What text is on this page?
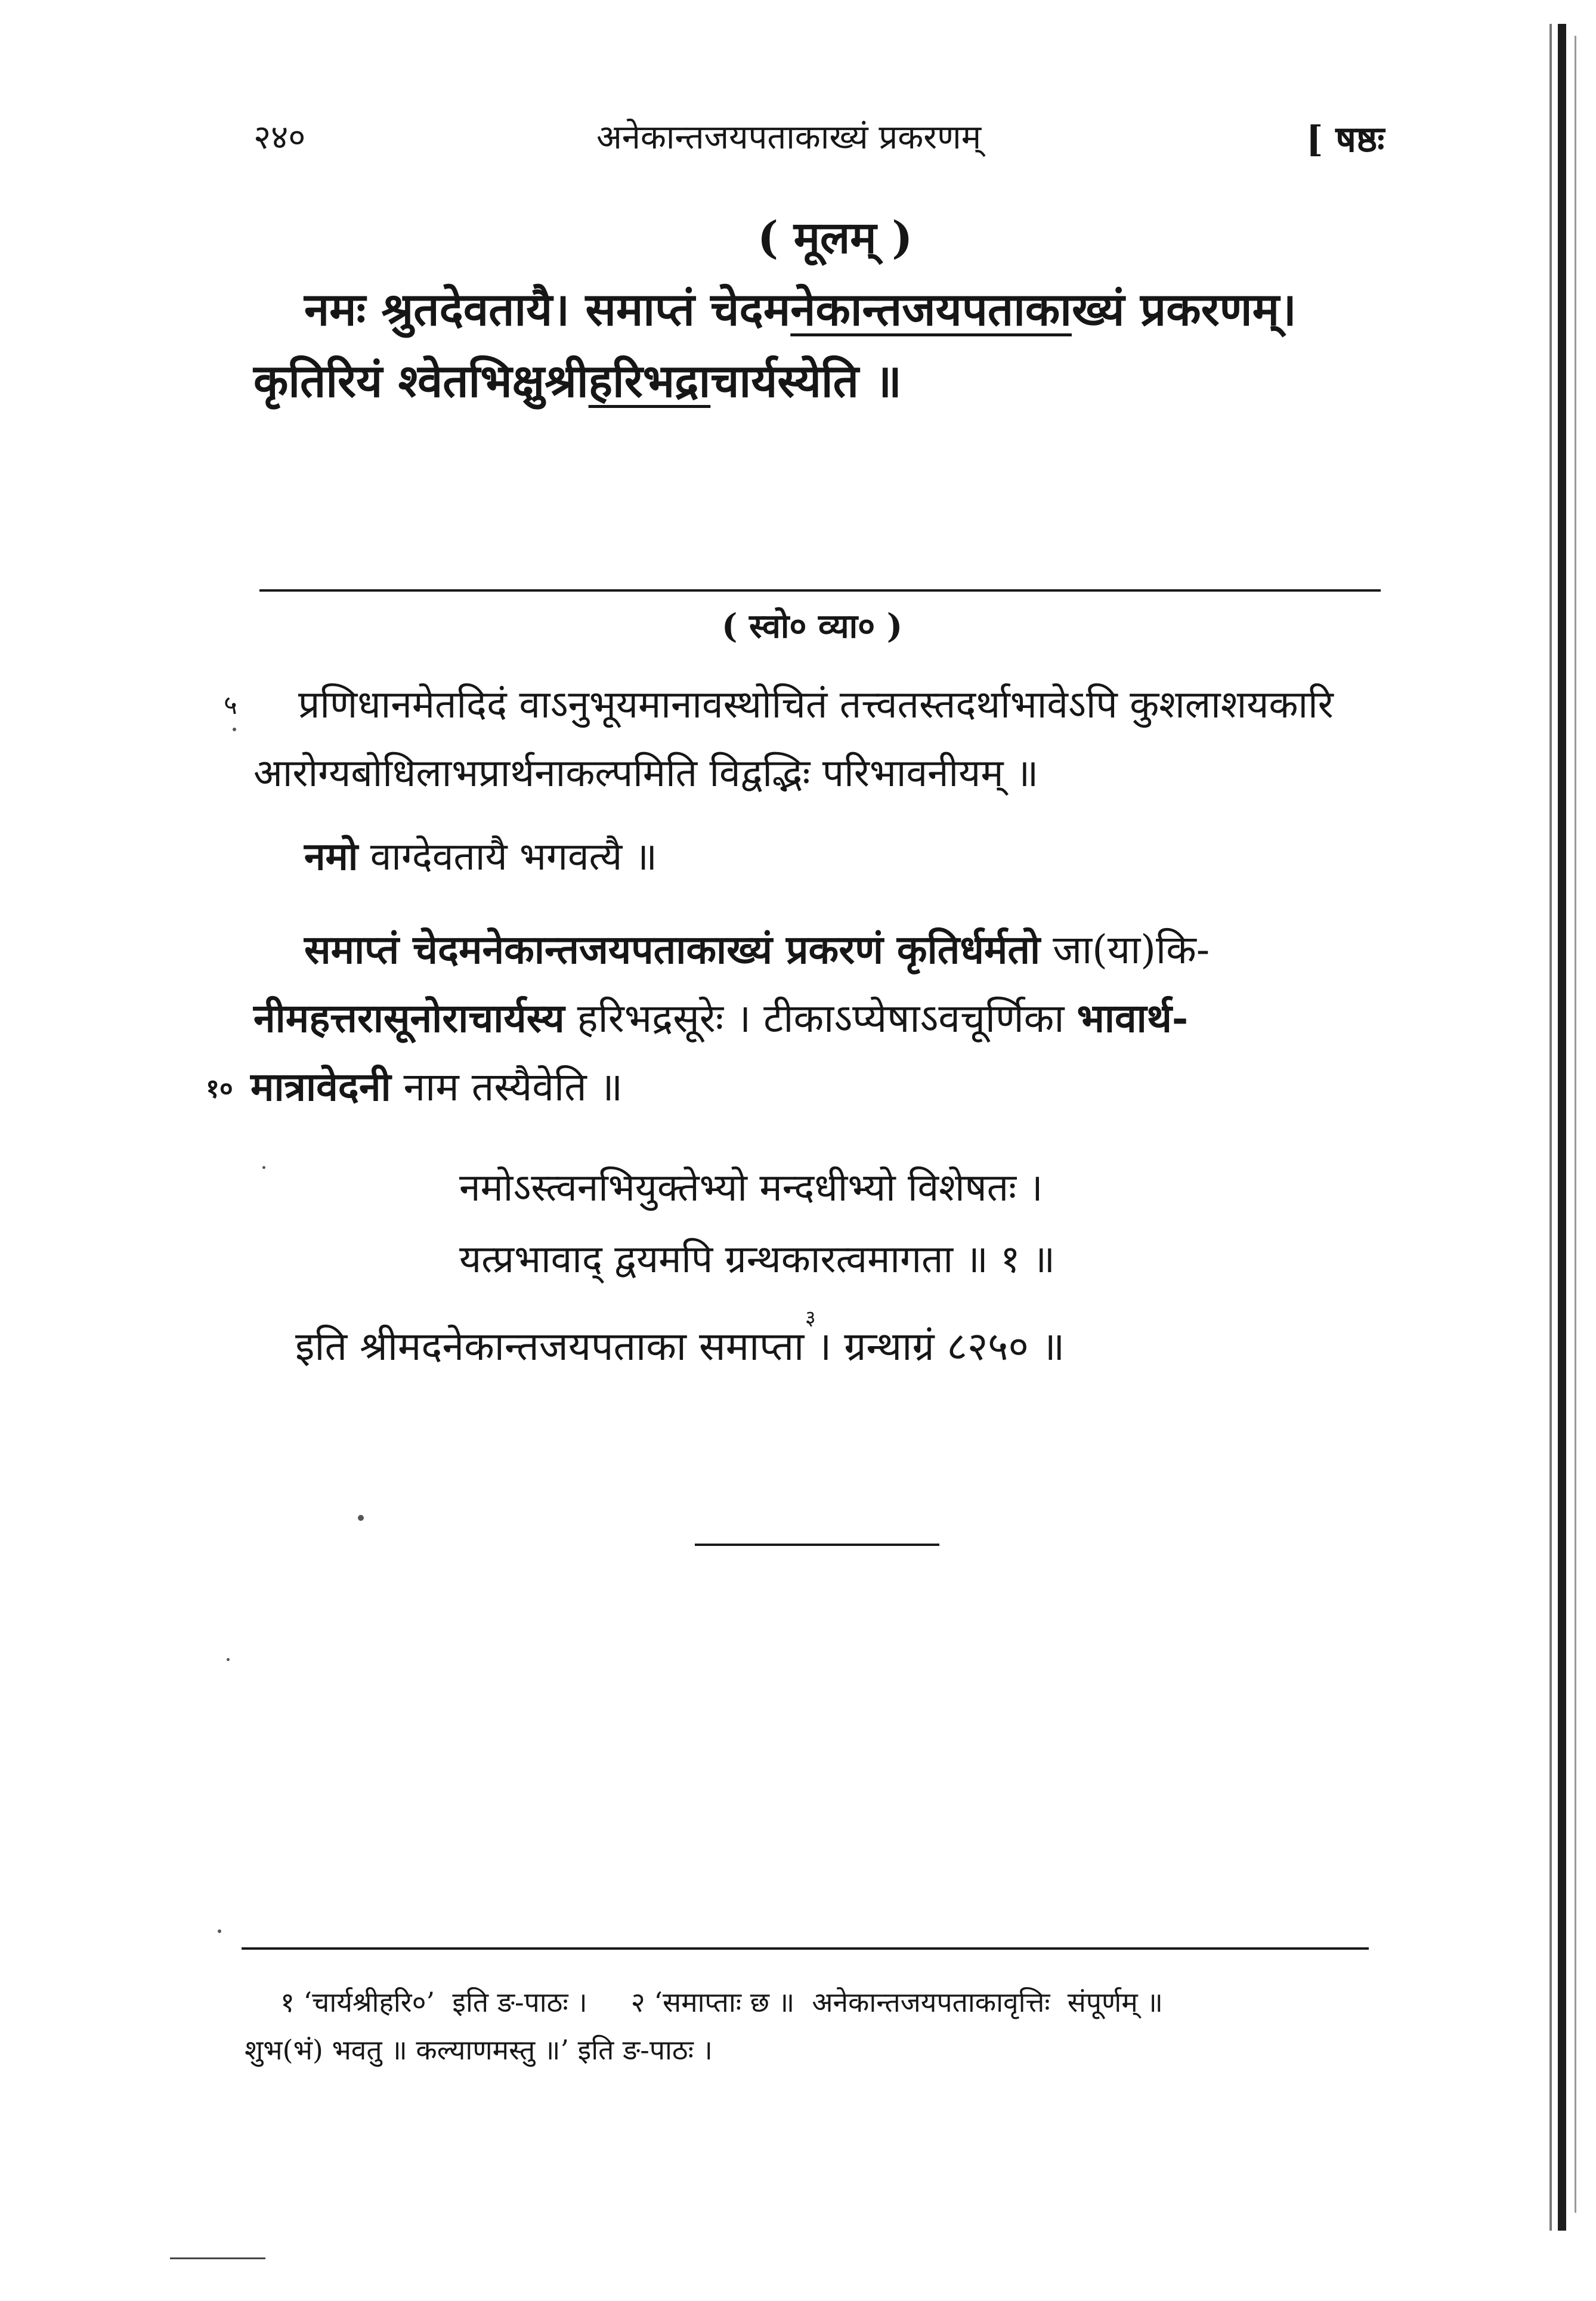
२४०	अनेकान्तजयपताकाख्यं प्रकरणम्	[ षष्ठः
( मूलम् )
नमः श्रुतदेवतायै। समाप्तं चेदमनेकान्तजयपताकाख्यं प्रकरणम्।
कृतिरियं श्वेतभिक्षुश्रीहरिभद्राचार्यस्येति ॥
( स्वो० व्या० )
५ प्रणिधानमेतदिदं वाऽनुभूयमानावस्थोचितं तत्त्वतस्तदर्थाभावेऽपि कुशलाशयकारि
आरोग्यबोधिलाभप्रार्थनाकल्पमिति विद्वद्भिः परिभावनीयम् ॥
नमो वाग्देवतायै भगवत्यै ॥
समाप्तं चेदमनेकान्तजयपताकाख्यं प्रकरणं कृतिर्धर्मतो जा(या)कि-
नीमहत्तरासूनोराचार्यस्य हरिभद्रसूरेः । टीकाऽप्येषाऽवचूर्णिका भावार्थ-
१० मात्रावेदनी नाम तस्यैवेति ॥
नमोऽस्त्वनभियुक्तेभ्यो मन्दधीभ्यो विशेषतः ।
यत्प्रभावाद् द्वयमपि ग्रन्थकारत्वमागता ॥ १ ॥
३
इति श्रीमदनेकान्तजयपताका समाप्ता । ग्रन्थाग्रं ८२५० ॥
१ ‘चार्यश्रीहरि०’  इति ङ-पाठः ।     २ ‘समाप्ताः छ ॥  अनेकान्तजयपताकावृत्तिः  संपूर्णम् ॥
शुभ(भं) भवतु ॥ कल्याणमस्तु ॥’ इति ङ-पाठः ।
